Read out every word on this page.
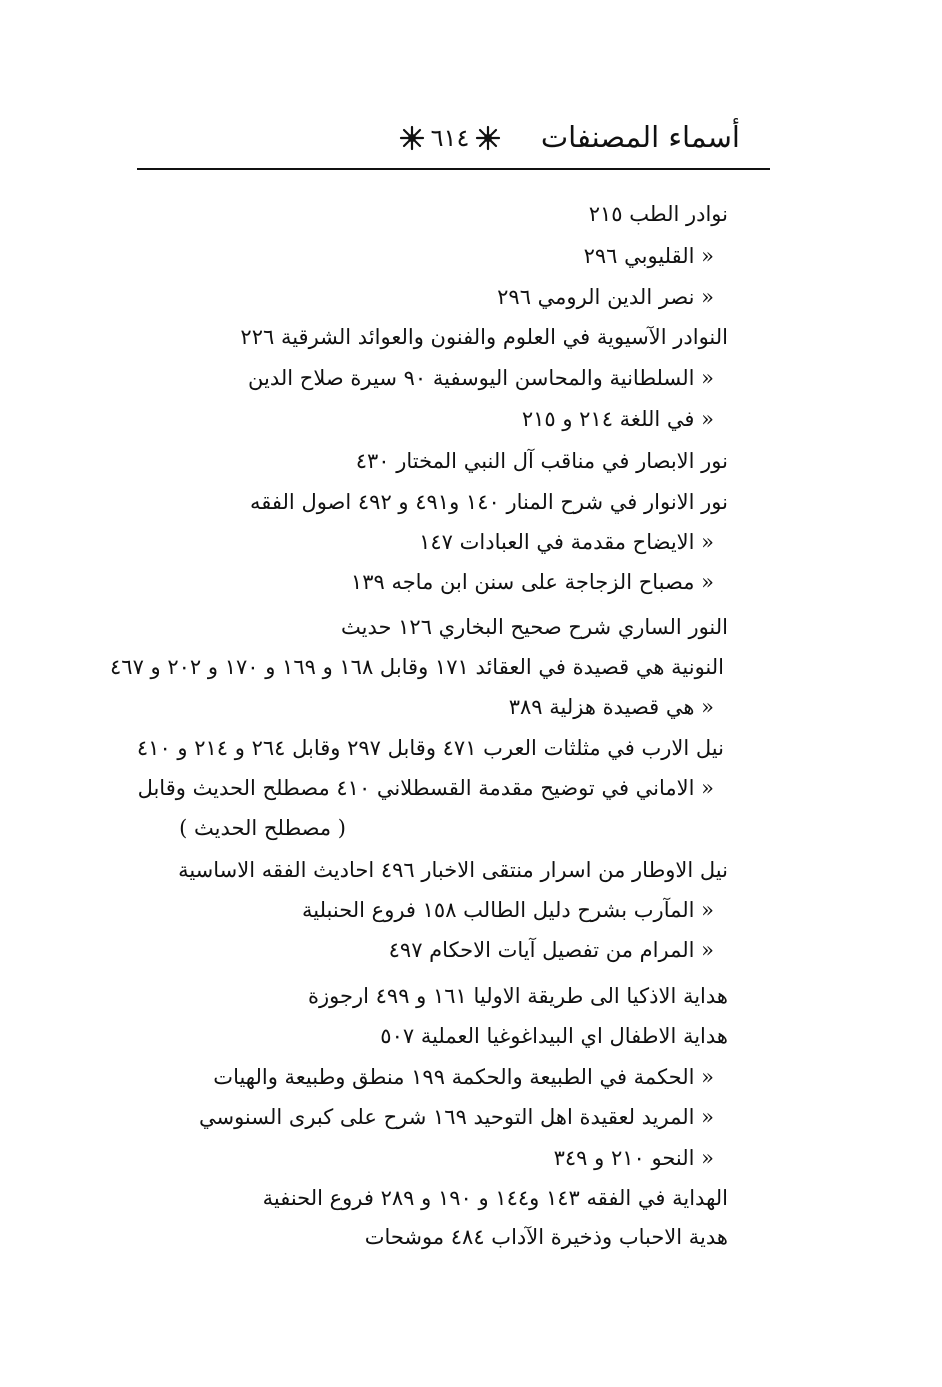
أسماء المصنفات
٦١٤
نوادر الطب ٢١٥
« القليوبي ٢٩٦
« نصر الدين الرومي ٢٩٦
النوادر الآسيوية في العلوم والفنون والعوائد الشرقية ٢٢٦
« السلطانية والمحاسن اليوسفية ٩٠ سيرة صلاح الدين
« في اللغة ٢١٤ و ٢١٥
نور الابصار في مناقب آل النبي المختار ٤٣٠
نور الانوار في شرح المنار ١٤٠ و٤٩١ و ٤٩٢ اصول الفقه
« الايضاح مقدمة في العبادات ١٤٧
« مصباح الزجاجة على سنن ابن ماجه ١٣٩
النور الساري شرح صحيح البخاري ١٢٦ حديث
النونية هي قصيدة في العقائد ١٧١ وقابل ١٦٨ و ١٦٩ و ١٧٠ و ٢٠٢ و ٤٦٧
« هي قصيدة هزلية ٣٨٩
نيل الارب في مثلثات العرب ٤٧١ وقابل ٢٩٧ وقابل ٢٦٤ و ٢١٤ و ٤١٠
« الاماني في توضيح مقدمة القسطلاني ٤١٠ مصطلح الحديث وقابل
( مصطلح الحديث )
نيل الاوطار من اسرار منتقى الاخبار ٤٩٦ احاديث الفقه الاساسية
« المآرب بشرح دليل الطالب ١٥٨ فروع الحنبلية
« المرام من تفصيل آيات الاحكام ٤٩٧
هداية الاذكيا الى طريقة الاوليا ١٦١ و ٤٩٩ ارجوزة
هداية الاطفال اي البيداغوغيا العملية ٥٠٧
« الحكمة في الطبيعة والحكمة ١٩٩ منطق وطبيعة والهيات
« المريد لعقيدة اهل التوحيد ١٦٩ شرح على كبرى السنوسي
« النحو ٢١٠ و ٣٤٩
الهداية في الفقه ١٤٣ و١٤٤ و ١٩٠ و ٢٨٩ فروع الحنفية
هدية الاحباب وذخيرة الآداب ٤٨٤ موشحات
